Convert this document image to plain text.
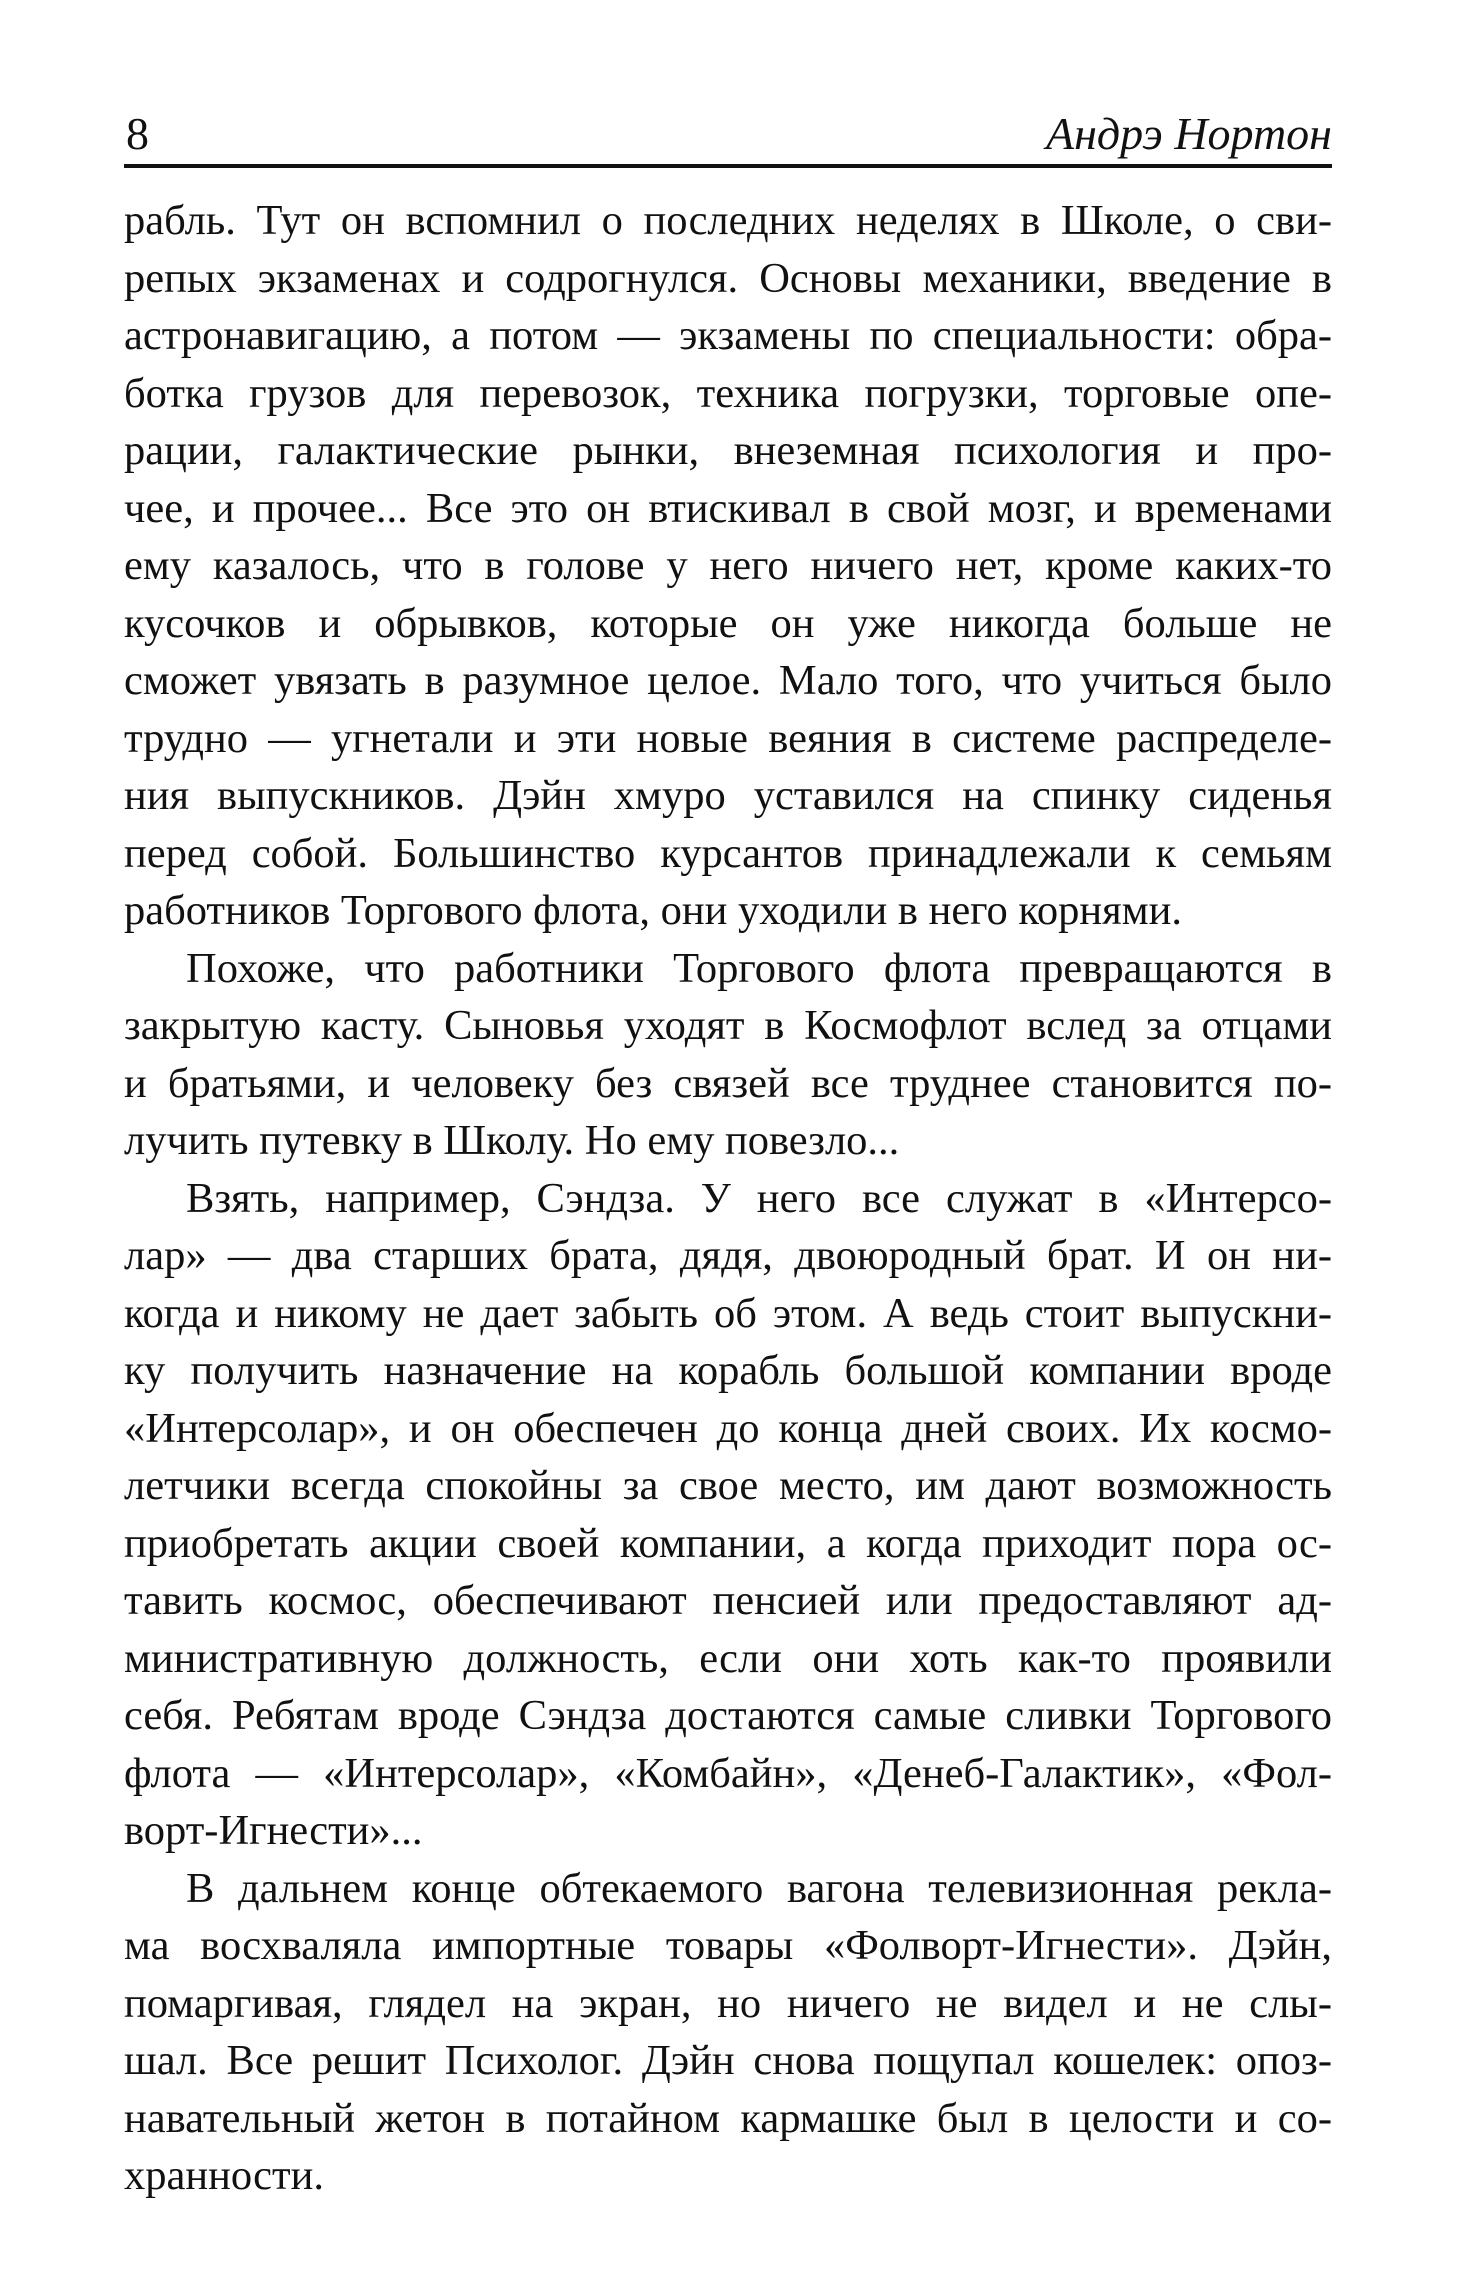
8	Андрэ Нортон

рабль. Тут он вспомнил о последних неделях в Школе, о сви-
репых экзаменах и содрогнулся. Основы механики, введение в
астронавигацию, а потом — экзамены по специальности: обра-
ботка грузов для перевозок, техника погрузки, торговые опе-
рации, галактические рынки, внеземная психология и про-
чее, и прочее... Все это он втискивал в свой мозг, и временами
ему казалось, что в голове у него ничего нет, кроме каких-то
кусочков и обрывков, которые он уже никогда больше не
сможет увязать в разумное целое. Мало того, что учиться было
трудно — угнетали и эти новые веяния в системе распределе-
ния выпускников. Дэйн хмуро уставился на спинку сиденья
перед собой. Большинство курсантов принадлежали к семьям
работников Торгового флота, они уходили в него корнями.

Похоже, что работники Торгового флота превращаются в
закрытую касту. Сыновья уходят в Космофлот вслед за отцами
и братьями, и человеку без связей все труднее становится по-
лучить путевку в Школу. Но ему повезло...

Взять, например, Сэндза. У него все служат в «Интерсо-
лар» — два старших брата, дядя, двоюродный брат. И он ни-
когда и никому не дает забыть об этом. А ведь стоит выпускни-
ку получить назначение на корабль большой компании вроде
«Интерсолар», и он обеспечен до конца дней своих. Их космо-
летчики всегда спокойны за свое место, им дают возможность
приобретать акции своей компании, а когда приходит пора ос-
тавить космос, обеспечивают пенсией или предоставляют ад-
министративную должность, если они хоть как-то проявили
себя. Ребятам вроде Сэндза достаются самые сливки Торгового
флота — «Интерсолар», «Комбайн», «Денеб-Галактик», «Фол-
ворт-Игнести»...

В дальнем конце обтекаемого вагона телевизионная рекла-
ма восхваляла импортные товары «Фолворт-Игнести». Дэйн,
помаргивая, глядел на экран, но ничего не видел и не слы-
шал. Все решит Психолог. Дэйн снова пощупал кошелек: опоз-
навательный жетон в потайном кармашке был в целости и со-
хранности.
